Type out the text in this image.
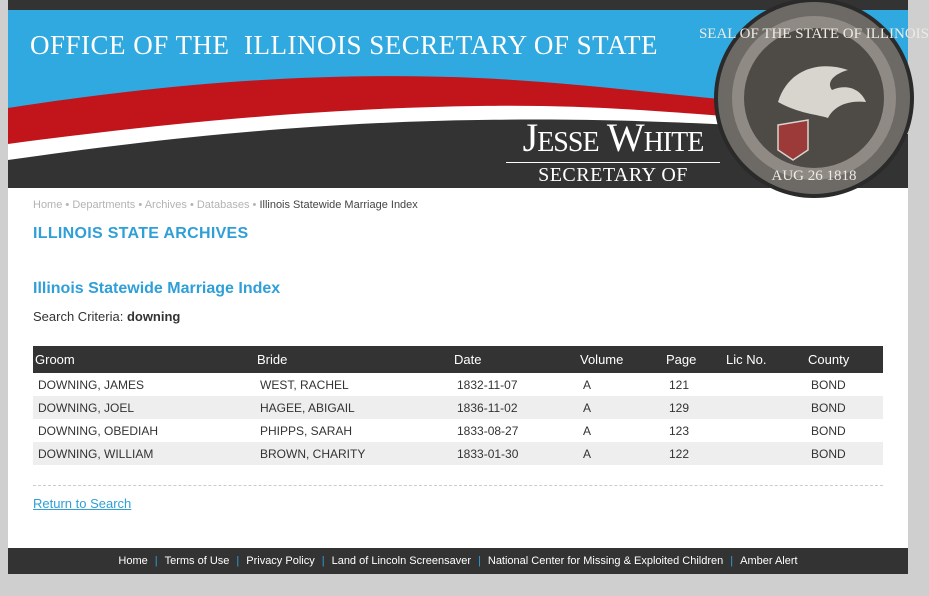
SEAL OF THE STATE OF ILLINOIS
AUG 26 1818
OFFICE OF THE  ILLINOIS SECRETARY OF STATE
Jesse White
SECRETARY OF STATE
Home • Departments • Archives • Databases • Illinois Statewide Marriage Index
ILLINOIS STATE ARCHIVES
Illinois Statewide Marriage Index
Search Criteria: downing
Groom	Bride	Date	Volume	Page	Lic No.	County
DOWNING, JAMES	WEST, RACHEL	1832-11-07	A	121		BOND
DOWNING, JOEL	HAGEE, ABIGAIL	1836-11-02	A	129		BOND
DOWNING, OBEDIAH	PHIPPS, SARAH	1833-08-27	A	123		BOND
DOWNING, WILLIAM	BROWN, CHARITY	1833-01-30	A	122		BOND
Return to Search
Home | Terms of Use | Privacy Policy | Land of Lincoln Screensaver | National Center for Missing & Exploited Children | Amber Alert
